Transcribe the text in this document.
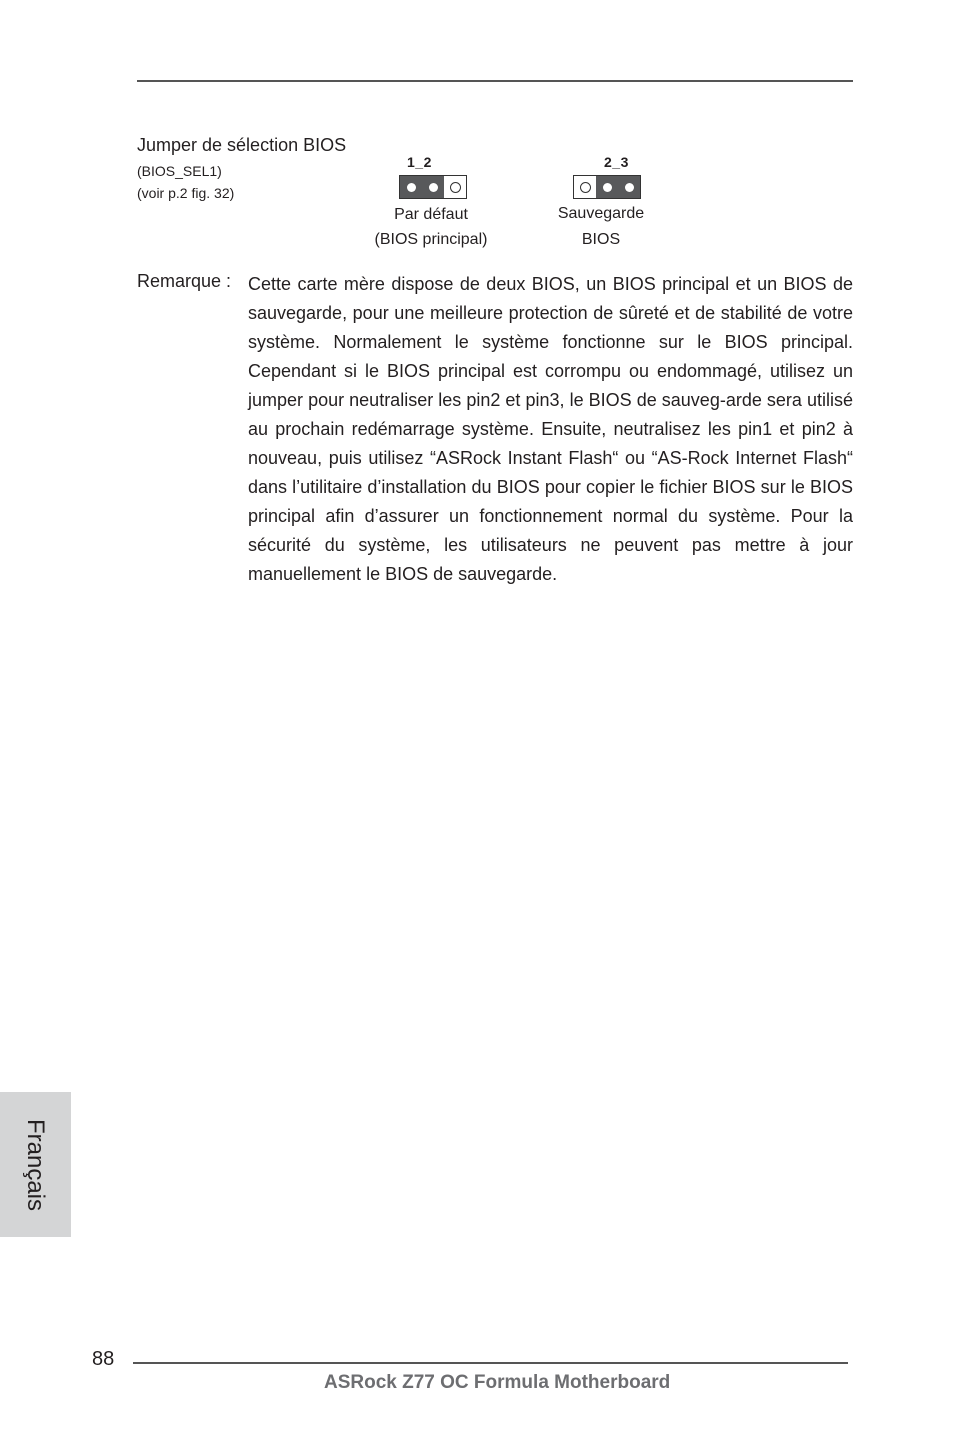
Jumper de sélection BIOS
(BIOS_SEL1)
(voir p.2 fig. 32)
1_2
Par défaut
(BIOS principal)
2_3
Sauvegarde
BIOS
Remarque : Cette carte mère dispose de deux BIOS, un BIOS principal et un BIOS de sauvegarde, pour une meilleure protection de sûreté et de stabilité de votre système. Normalement le système fonctionne sur le BIOS principal. Cependant si le BIOS principal est corrompu ou endommagé, utilisez un jumper pour neutraliser les pin2 et pin3, le BIOS de sauveg-arde sera utilisé au prochain redémarrage système. Ensuite, neutralisez les pin1 et pin2 à nouveau, puis utilisez “ASRock Instant Flash“ ou “AS-Rock Internet Flash“ dans l’utilitaire d’installation du BIOS pour copier le fichier BIOS sur le BIOS principal afin d’assurer un fonctionnement normal du système. Pour la sécurité du système, les utilisateurs ne peuvent pas mettre à jour manuellement le BIOS de sauvegarde.

Français
88
ASRock Z77 OC Formula Motherboard
